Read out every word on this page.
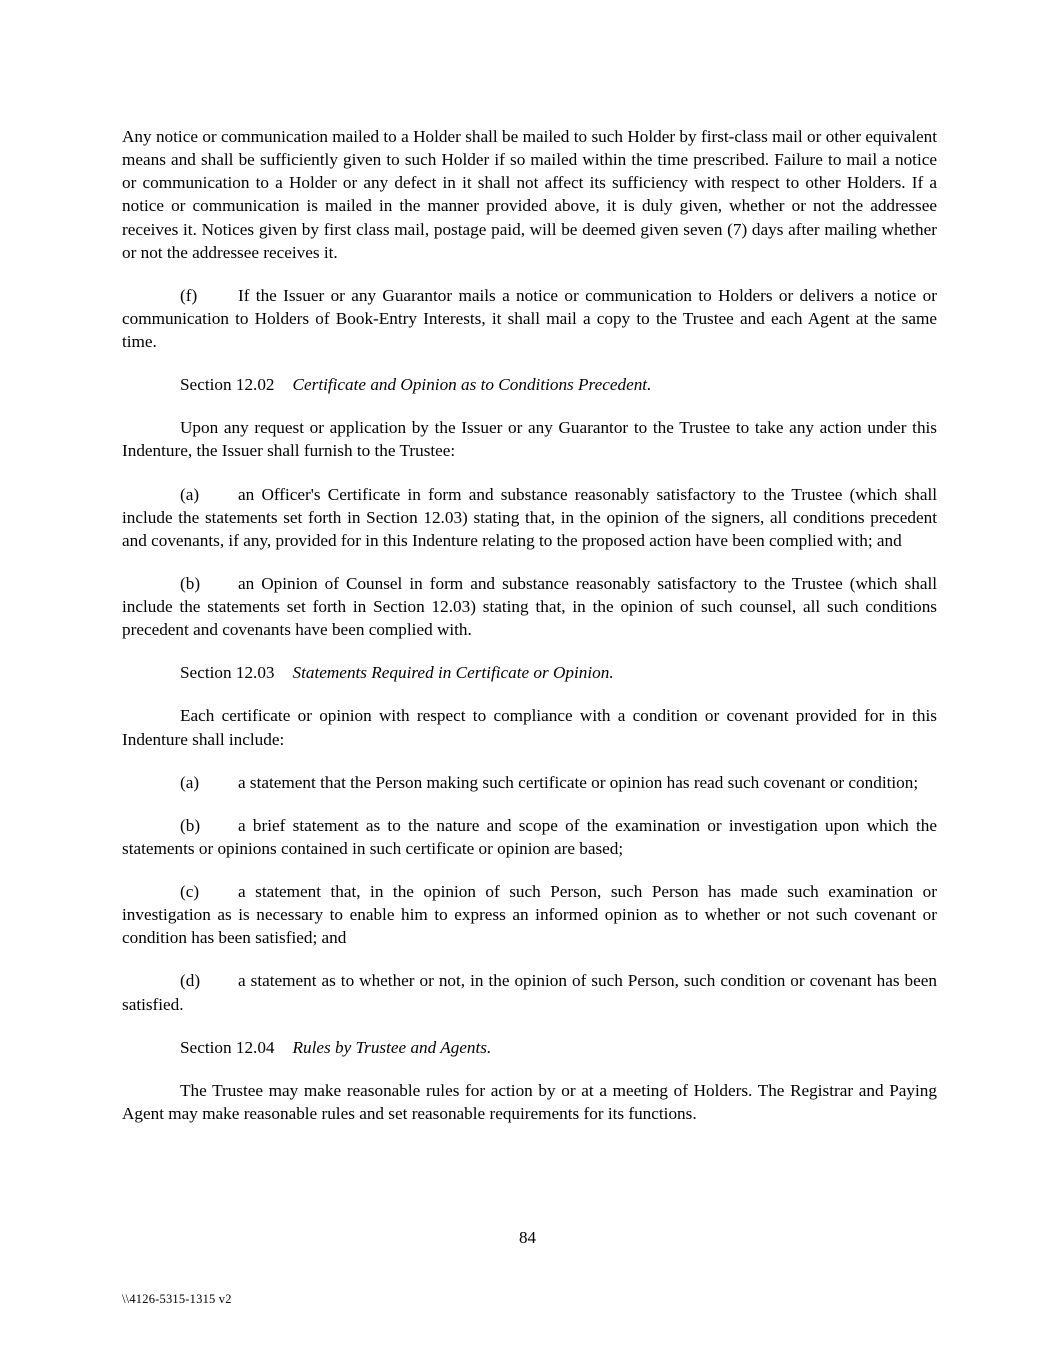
Any notice or communication mailed to a Holder shall be mailed to such Holder by first-class mail or other equivalent means and shall be sufficiently given to such Holder if so mailed within the time prescribed. Failure to mail a notice or communication to a Holder or any defect in it shall not affect its sufficiency with respect to other Holders. If a notice or communication is mailed in the manner provided above, it is duly given, whether or not the addressee receives it. Notices given by first class mail, postage paid, will be deemed given seven (7) days after mailing whether or not the addressee receives it.

(f) If the Issuer or any Guarantor mails a notice or communication to Holders or delivers a notice or communication to Holders of Book-Entry Interests, it shall mail a copy to the Trustee and each Agent at the same time.

Section 12.02 Certificate and Opinion as to Conditions Precedent.

Upon any request or application by the Issuer or any Guarantor to the Trustee to take any action under this Indenture, the Issuer shall furnish to the Trustee:

(a) an Officer's Certificate in form and substance reasonably satisfactory to the Trustee (which shall include the statements set forth in Section 12.03) stating that, in the opinion of the signers, all conditions precedent and covenants, if any, provided for in this Indenture relating to the proposed action have been complied with; and

(b) an Opinion of Counsel in form and substance reasonably satisfactory to the Trustee (which shall include the statements set forth in Section 12.03) stating that, in the opinion of such counsel, all such conditions precedent and covenants have been complied with.

Section 12.03 Statements Required in Certificate or Opinion.

Each certificate or opinion with respect to compliance with a condition or covenant provided for in this Indenture shall include:

(a) a statement that the Person making such certificate or opinion has read such covenant or condition;

(b) a brief statement as to the nature and scope of the examination or investigation upon which the statements or opinions contained in such certificate or opinion are based;

(c) a statement that, in the opinion of such Person, such Person has made such examination or investigation as is necessary to enable him to express an informed opinion as to whether or not such covenant or condition has been satisfied; and

(d) a statement as to whether or not, in the opinion of such Person, such condition or covenant has been satisfied.

Section 12.04 Rules by Trustee and Agents.

The Trustee may make reasonable rules for action by or at a meeting of Holders. The Registrar and Paying Agent may make reasonable rules and set reasonable requirements for its functions.

84
\\4126-5315-1315 v2
